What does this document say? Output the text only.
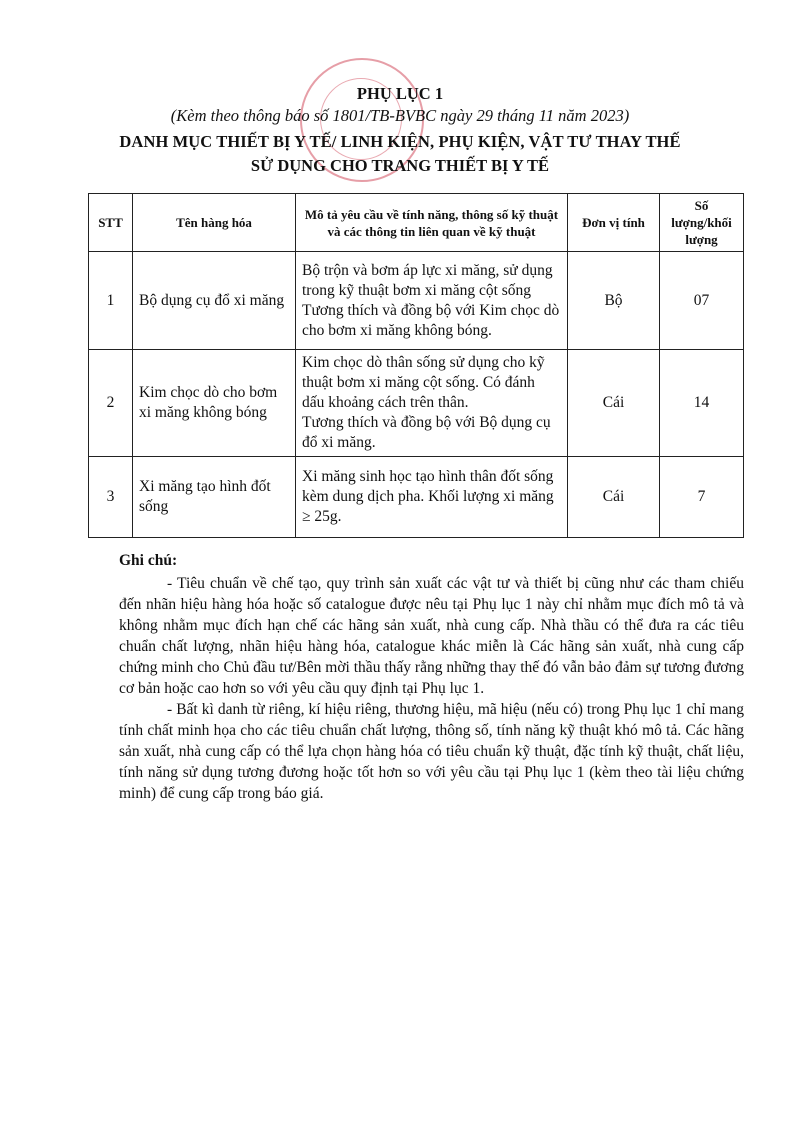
PHỤ LỤC 1
(Kèm theo thông báo số 1801/TB-BVBC ngày 29 tháng 11 năm 2023)
DANH MỤC THIẾT BỊ Y TẾ/ LINH KIỆN, PHỤ KIỆN, VẬT TƯ THAY THẾ
SỬ DỤNG CHO TRANG THIẾT BỊ Y TẾ
STT	Tên hàng hóa	Mô tả yêu cầu về tính năng, thông số kỹ thuật và các thông tin liên quan về kỹ thuật	Đơn vị tính	Số lượng/khối lượng
1	Bộ dụng cụ đổ xi măng	Bộ trộn và bơm áp lực xi măng, sử dụng trong kỹ thuật bơm xi măng cột sống
Tương thích và đồng bộ với Kim chọc dò cho bơm xi măng không bóng.	Bộ	07
2	Kim chọc dò cho bơm xi măng không bóng	Kim chọc dò thân sống sử dụng cho kỹ thuật bơm xi măng cột sống. Có đánh dấu khoảng cách trên thân.
Tương thích và đồng bộ với Bộ dụng cụ đổ xi măng.	Cái	14
3	Xi măng tạo hình đốt sống	Xi măng sinh học tạo hình thân đốt sống kèm dung dịch pha. Khối lượng xi măng ≥ 25g.	Cái	7
Ghi chú:

- Tiêu chuẩn về chế tạo, quy trình sản xuất các vật tư và thiết bị cũng như các tham chiếu đến nhãn hiệu hàng hóa hoặc số catalogue được nêu tại Phụ lục 1 này chỉ nhằm mục đích mô tả và không nhằm mục đích hạn chế các hãng sản xuất, nhà cung cấp. Nhà thầu có thể đưa ra các tiêu chuẩn chất lượng, nhãn hiệu hàng hóa, catalogue khác miễn là Các hãng sản xuất, nhà cung cấp chứng minh cho Chủ đầu tư/Bên mời thầu thấy rằng những thay thế đó vẫn bảo đảm sự tương đương cơ bản hoặc cao hơn so với yêu cầu quy định tại Phụ lục 1.

- Bất kì danh từ riêng, kí hiệu riêng, thương hiệu, mã hiệu (nếu có) trong Phụ lục 1 chỉ mang tính chất minh họa cho các tiêu chuẩn chất lượng, thông số, tính năng kỹ thuật khó mô tả. Các hãng sản xuất, nhà cung cấp có thể lựa chọn hàng hóa có tiêu chuẩn kỹ thuật, đặc tính kỹ thuật, chất liệu, tính năng sử dụng tương đương hoặc tốt hơn so với yêu cầu tại Phụ lục 1 (kèm theo tài liệu chứng minh) để cung cấp trong báo giá.
